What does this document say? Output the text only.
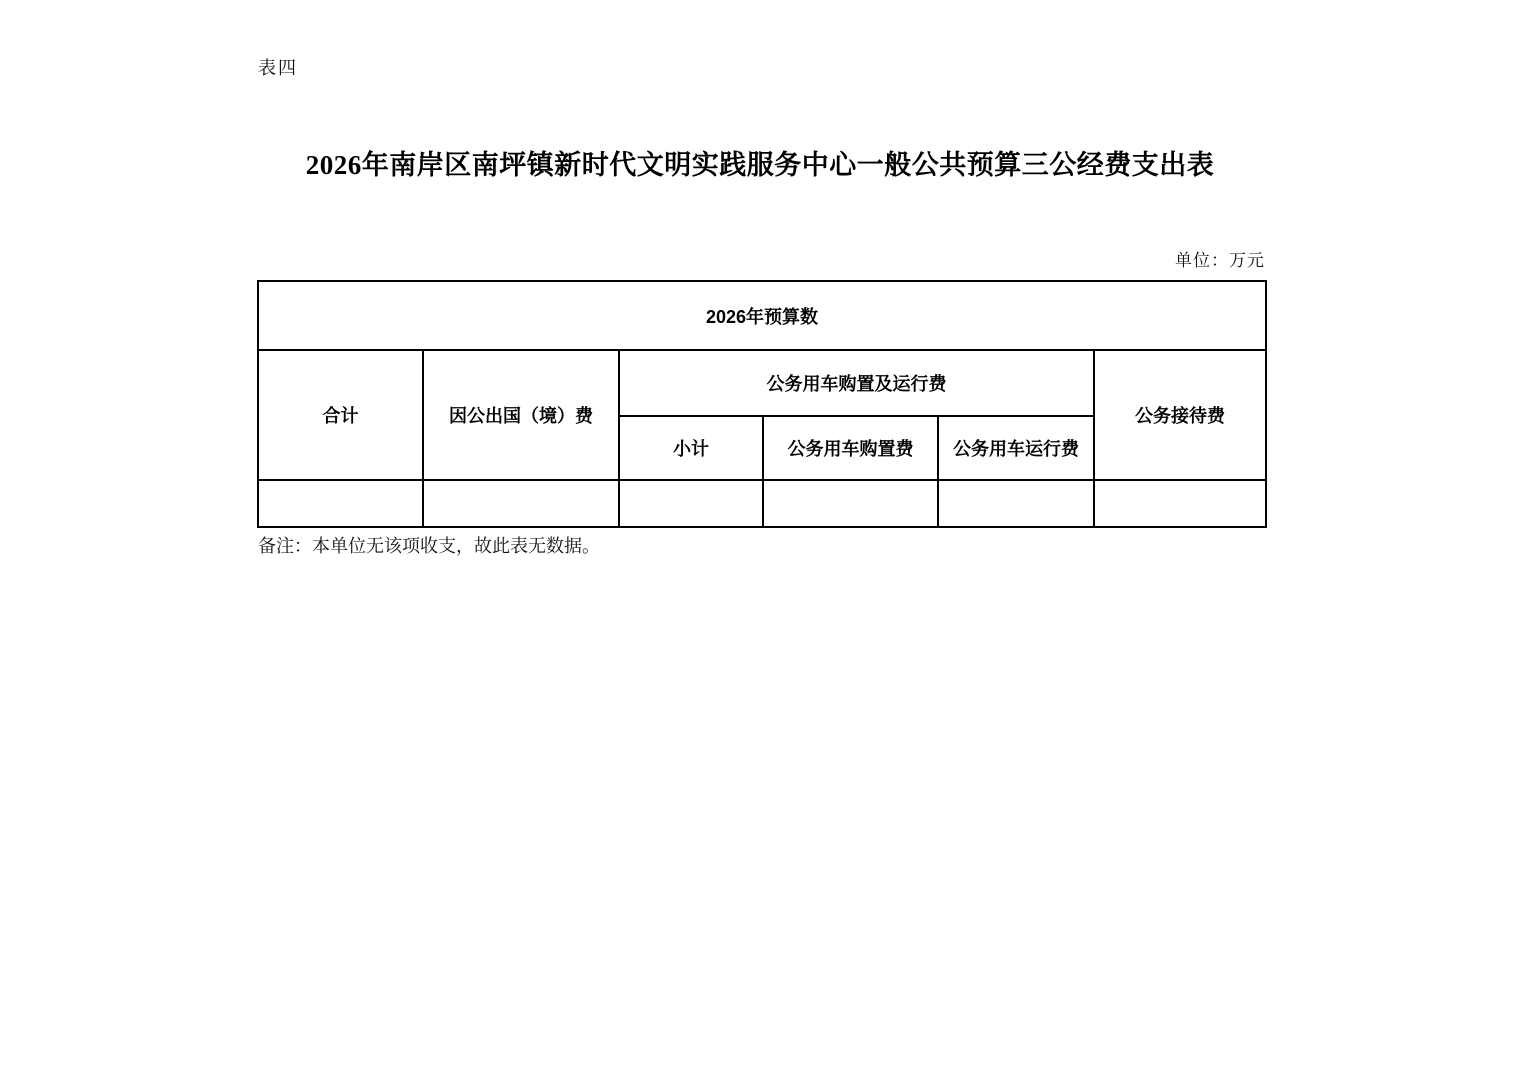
表四
2026年南岸区南坪镇新时代文明实践服务中心一般公共预算三公经费支出表
单位：万元
2026年预算数					
合计	因公出国（境）费	公务用车购置及运行费			公务接待费
		小计	公务用车购置费	公务用车运行费	

备注：本单位无该项收支，故此表无数据。
